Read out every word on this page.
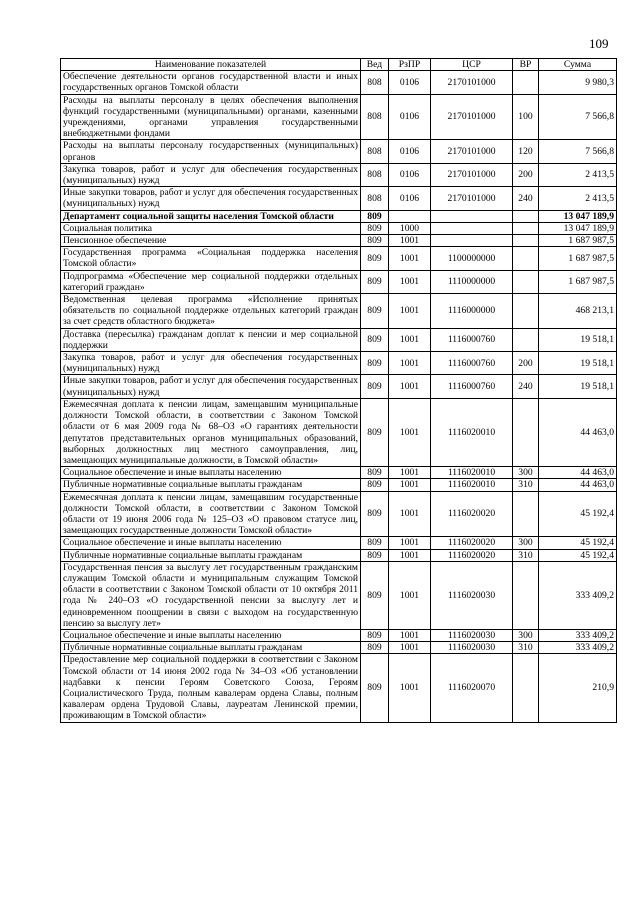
109
Наименование показателей	Вед	РзПР	ЦСР	ВР	Сумма
Обеспечение деятельности органов государственной власти и иных государственных органов Томской области	808	0106	2170101000		9 980,3
Расходы на выплаты персоналу в целях обеспечения выполнения функций государственными (муниципальными) органами, казенными учреждениями, органами управления государственными внебюджетными фондами	808	0106	2170101000	100	7 566,8
Расходы на выплаты персоналу государственных (муниципальных) органов	808	0106	2170101000	120	7 566,8
Закупка товаров, работ и услуг для обеспечения государственных (муниципальных) нужд	808	0106	2170101000	200	2 413,5
Иные закупки товаров, работ и услуг для обеспечения государственных (муниципальных) нужд	808	0106	2170101000	240	2 413,5
Департамент социальной защиты населения Томской области	809				13 047 189,9
Социальная политика	809	1000			13 047 189,9
Пенсионное обеспечение	809	1001			1 687 987,5
Государственная программа «Социальная поддержка населения Томской области»	809	1001	1100000000		1 687 987,5
Подпрограмма «Обеспечение мер социальной поддержки отдельных категорий граждан»	809	1001	1110000000		1 687 987,5
Ведомственная целевая программа «Исполнение принятых обязательств по социальной поддержке отдельных категорий граждан за счет средств областного бюджета»	809	1001	1116000000		468 213,1
Доставка (пересылка) гражданам доплат к пенсии и мер социальной поддержки	809	1001	1116000760		19 518,1
Закупка товаров, работ и услуг для обеспечения государственных (муниципальных) нужд	809	1001	1116000760	200	19 518,1
Иные закупки товаров, работ и услуг для обеспечения государственных (муниципальных) нужд	809	1001	1116000760	240	19 518,1
Ежемесячная доплата к пенсии лицам, замещавшим муниципальные должности Томской области, в соответствии с Законом Томской области от 6 мая 2009 года № 68–ОЗ «О гарантиях деятельности депутатов представительных органов муниципальных образований, выборных должностных лиц местного самоуправления, лиц, замещающих муниципальные должности, в Томской области»	809	1001	1116020010		44 463,0
Социальное обеспечение и иные выплаты населению	809	1001	1116020010	300	44 463,0
Публичные нормативные социальные выплаты гражданам	809	1001	1116020010	310	44 463,0
Ежемесячная доплата к пенсии лицам, замещавшим государственные должности Томской области, в соответствии с Законом Томской области от 19 июня 2006 года № 125–ОЗ «О правовом статусе лиц, замещающих государственные должности Томской области»	809	1001	1116020020		45 192,4
Социальное обеспечение и иные выплаты населению	809	1001	1116020020	300	45 192,4
Публичные нормативные социальные выплаты гражданам	809	1001	1116020020	310	45 192,4
Государственная пенсия за выслугу лет государственным гражданским служащим Томской области и муниципальным служащим Томской области в соответствии с Законом Томской области от 10 октября 2011 года № 240–ОЗ «О государственной пенсии за выслугу лет и единовременном поощрении в связи с выходом на государственную пенсию за выслугу лет»	809	1001	1116020030		333 409,2
Социальное обеспечение и иные выплаты населению	809	1001	1116020030	300	333 409,2
Публичные нормативные социальные выплаты гражданам	809	1001	1116020030	310	333 409,2
Предоставление мер социальной поддержки в соответствии с Законом Томской области от 14 июня 2002 года № 34–ОЗ «Об установлении надбавки к пенсии Героям Советского Союза, Героям Социалистического Труда, полным кавалерам ордена Славы, полным кавалерам ордена Трудовой Славы, лауреатам Ленинской премии, проживающим в Томской области»	809	1001	1116020070		210,9
